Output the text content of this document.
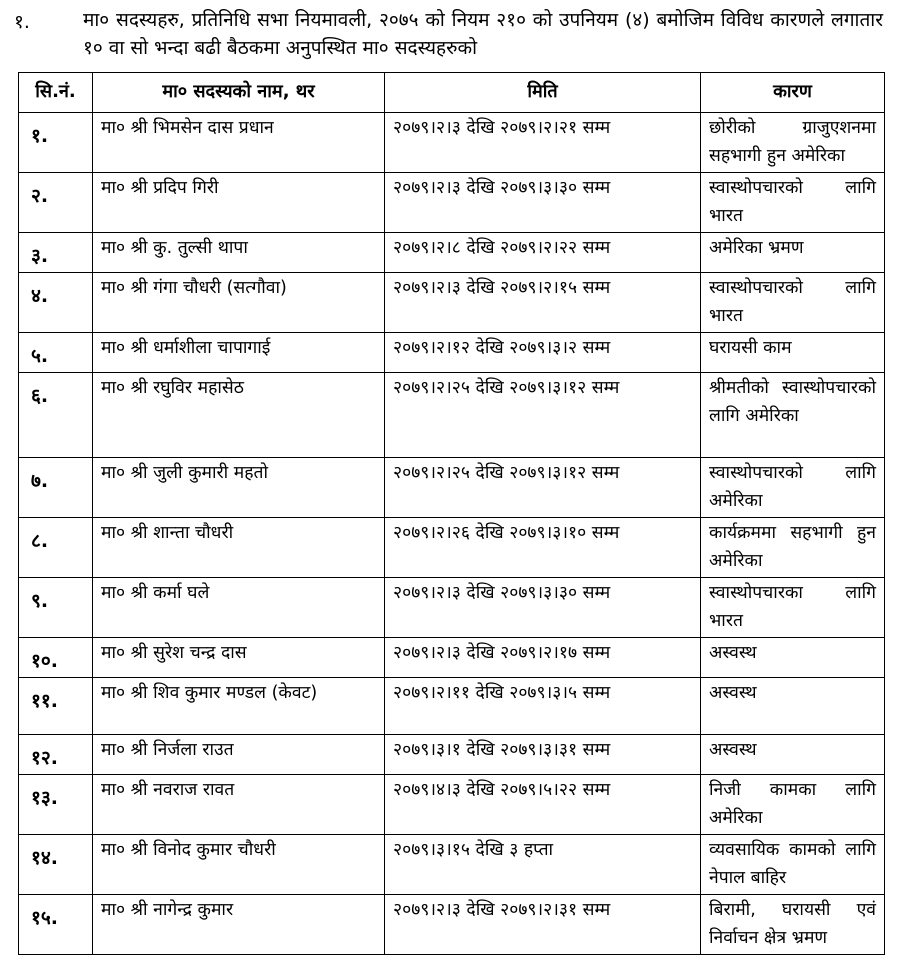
१.	मा० सदस्यहरु, प्रतिनिधि सभा नियमावली, २०७५ को नियम २१० को उपनियम (४) बमोजिम विविध कारणले लगातार १० वा सो भन्दा बढी बैठकमा अनुपस्थित मा० सदस्यहरुको
सि.नं.	मा० सदस्यको नाम, थर	मिति	कारण
१.	मा० श्री भिमसेन दास प्रधान	२०७९।२।३ देखि २०७९।२।२१ सम्म	छोरीको ग्राजुएशनमा सहभागी हुन अमेरिका
२.	मा० श्री प्रदिप गिरी	२०७९।२।३ देखि २०७९।३।३० सम्म	स्वास्थोपचारको लागि भारत
३.	मा० श्री कु. तुल्सी थापा	२०७९।२।८ देखि २०७९।२।२२ सम्म	अमेरिका भ्रमण
४.	मा० श्री गंगा चौधरी (सत्गौवा)	२०७९।२।३ देखि २०७९।२।१५ सम्म	स्वास्थोपचारको लागि भारत
५.	मा० श्री धर्माशीला चापागाई	२०७९।२।१२ देखि २०७९।३।२ सम्म	घरायसी काम
६.	मा० श्री रघुविर महासेठ	२०७९।२।२५ देखि २०७९।३।१२ सम्म	श्रीमतीको स्वास्थोपचारको लागि अमेरिका
७.	मा० श्री जुली कुमारी महतो	२०७९।२।२५ देखि २०७९।३।१२ सम्म	स्वास्थोपचारको लागि अमेरिका
८.	मा० श्री शान्ता चौधरी	२०७९।२।२६ देखि २०७९।३।१० सम्म	कार्यक्रममा सहभागी हुन अमेरिका
९.	मा० श्री कर्मा घले	२०७९।२।३ देखि २०७९।३।३० सम्म	स्वास्थोपचारका लागि भारत
१०.	मा० श्री सुरेश चन्द्र दास	२०७९।२।३ देखि २०७९।२।१७ सम्म	अस्वस्थ
११.	मा० श्री शिव कुमार मण्डल (केवट)	२०७९।२।११ देखि २०७९।३।५ सम्म	अस्वस्थ
१२.	मा० श्री निर्जला राउत	२०७९।३।१ देखि २०७९।३।३१ सम्म	अस्वस्थ
१३.	मा० श्री नवराज रावत	२०७९।४।३ देखि २०७९।५।२२ सम्म	निजी कामका लागि अमेरिका
१४.	मा० श्री विनोद कुमार चौधरी	२०७९।३।१५ देखि ३ हप्ता	व्यवसायिक कामको लागि नेपाल बाहिर
१५.	मा० श्री नागेन्द्र कुमार	२०७९।२।३ देखि २०७९।२।३१ सम्म	बिरामी, घरायसी एवं निर्वाचन क्षेत्र भ्रमण
